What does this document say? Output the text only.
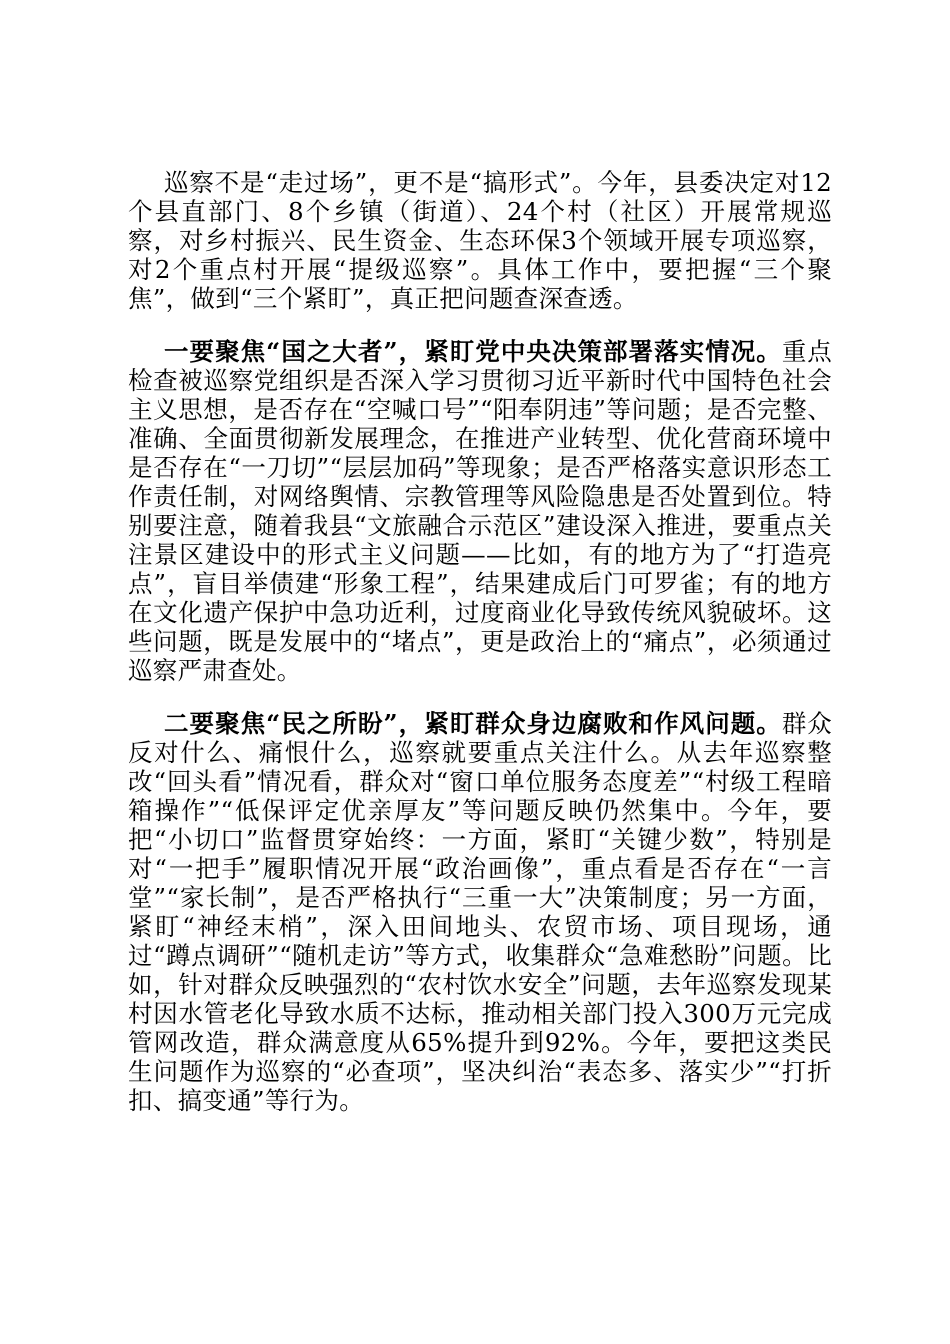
巡察不是“走过场”，更不是“搞形式”。今年，县委决定对12个县直部门、8个乡镇（街道）、24个村（社区）开展常规巡察，对乡村振兴、民生资金、生态环保3个领域开展专项巡察，对2个重点村开展“提级巡察”。具体工作中，要把握“三个聚焦”，做到“三个紧盯”，真正把问题查深查透。

一要聚焦“国之大者”，紧盯党中央决策部署落实情况。重点检查被巡察党组织是否深入学习贯彻习近平新时代中国特色社会主义思想，是否存在“空喊口号”“阳奉阴违”等问题；是否完整、准确、全面贯彻新发展理念，在推进产业转型、优化营商环境中是否存在“一刀切”“层层加码”等现象；是否严格落实意识形态工作责任制，对网络舆情、宗教管理等风险隐患是否处置到位。特别要注意，随着我县“文旅融合示范区”建设深入推进，要重点关注景区建设中的形式主义问题——比如，有的地方为了“打造亮点”，盲目举债建“形象工程”，结果建成后门可罗雀；有的地方在文化遗产保护中急功近利，过度商业化导致传统风貌破坏。这些问题，既是发展中的“堵点”，更是政治上的“痛点”，必须通过巡察严肃查处。

二要聚焦“民之所盼”，紧盯群众身边腐败和作风问题。群众反对什么、痛恨什么，巡察就要重点关注什么。从去年巡察整改“回头看”情况看，群众对“窗口单位服务态度差”“村级工程暗箱操作”“低保评定优亲厚友”等问题反映仍然集中。今年，要把“小切口”监督贯穿始终：一方面，紧盯“关键少数”，特别是对“一把手”履职情况开展“政治画像”，重点看是否存在“一言堂”“家长制”，是否严格执行“三重一大”决策制度；另一方面，紧盯“神经末梢”，深入田间地头、农贸市场、项目现场，通过“蹲点调研”“随机走访”等方式，收集群众“急难愁盼”问题。比如，针对群众反映强烈的“农村饮水安全”问题，去年巡察发现某村因水管老化导致水质不达标，推动相关部门投入300万元完成管网改造，群众满意度从65%提升到92%。今年，要把这类民生问题作为巡察的“必查项”，坚决纠治“表态多、落实少”“打折扣、搞变通”等行为。
